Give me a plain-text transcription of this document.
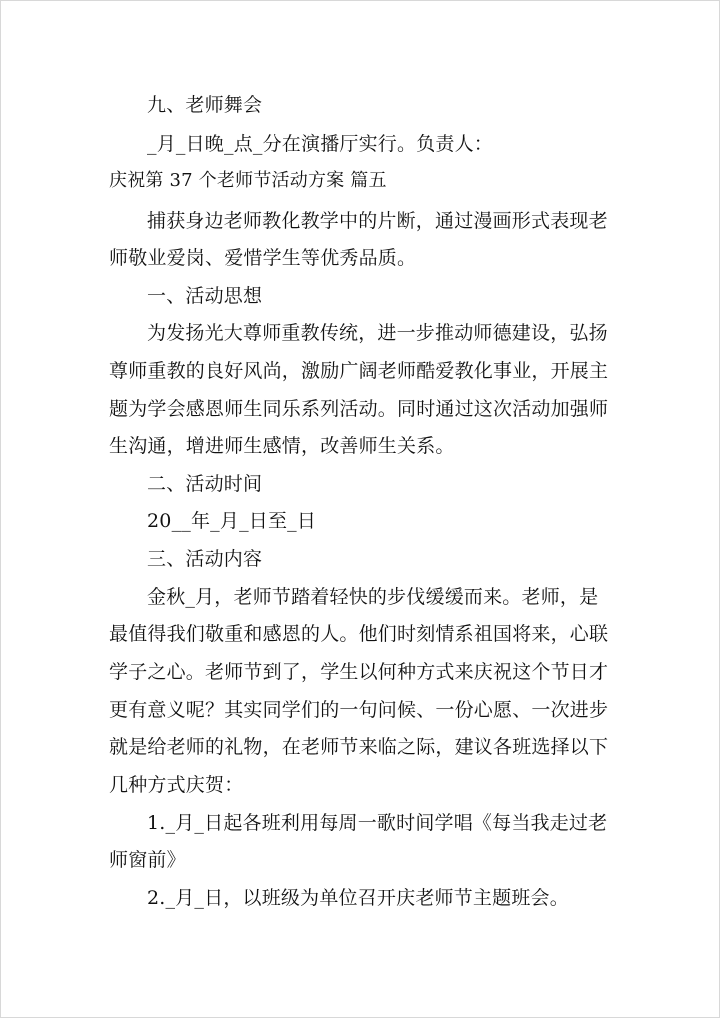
九、老师舞会
_月_日晚_点_分在演播厅实行。负责人：
庆祝第 37 个老师节活动方案 篇五
捕获身边老师教化教学中的片断，通过漫画形式表现老
师敬业爱岗、爱惜学生等优秀品质。
一、活动思想
为发扬光大尊师重教传统，进一步推动师德建设，弘扬
尊师重教的良好风尚，激励广阔老师酷爱教化事业，开展主
题为学会感恩师生同乐系列活动。同时通过这次活动加强师
生沟通，增进师生感情，改善师生关系。
二、活动时间
20__年_月_日至_日
三、活动内容
金秋_月，老师节踏着轻快的步伐缓缓而来。老师，是
最值得我们敬重和感恩的人。他们时刻情系祖国将来，心联
学子之心。老师节到了，学生以何种方式来庆祝这个节日才
更有意义呢？其实同学们的一句问候、一份心愿、一次进步
就是给老师的礼物，在老师节来临之际，建议各班选择以下
几种方式庆贺：
1._月_日起各班利用每周一歌时间学唱《每当我走过老
师窗前》
2._月_日，以班级为单位召开庆老师节主题班会。
